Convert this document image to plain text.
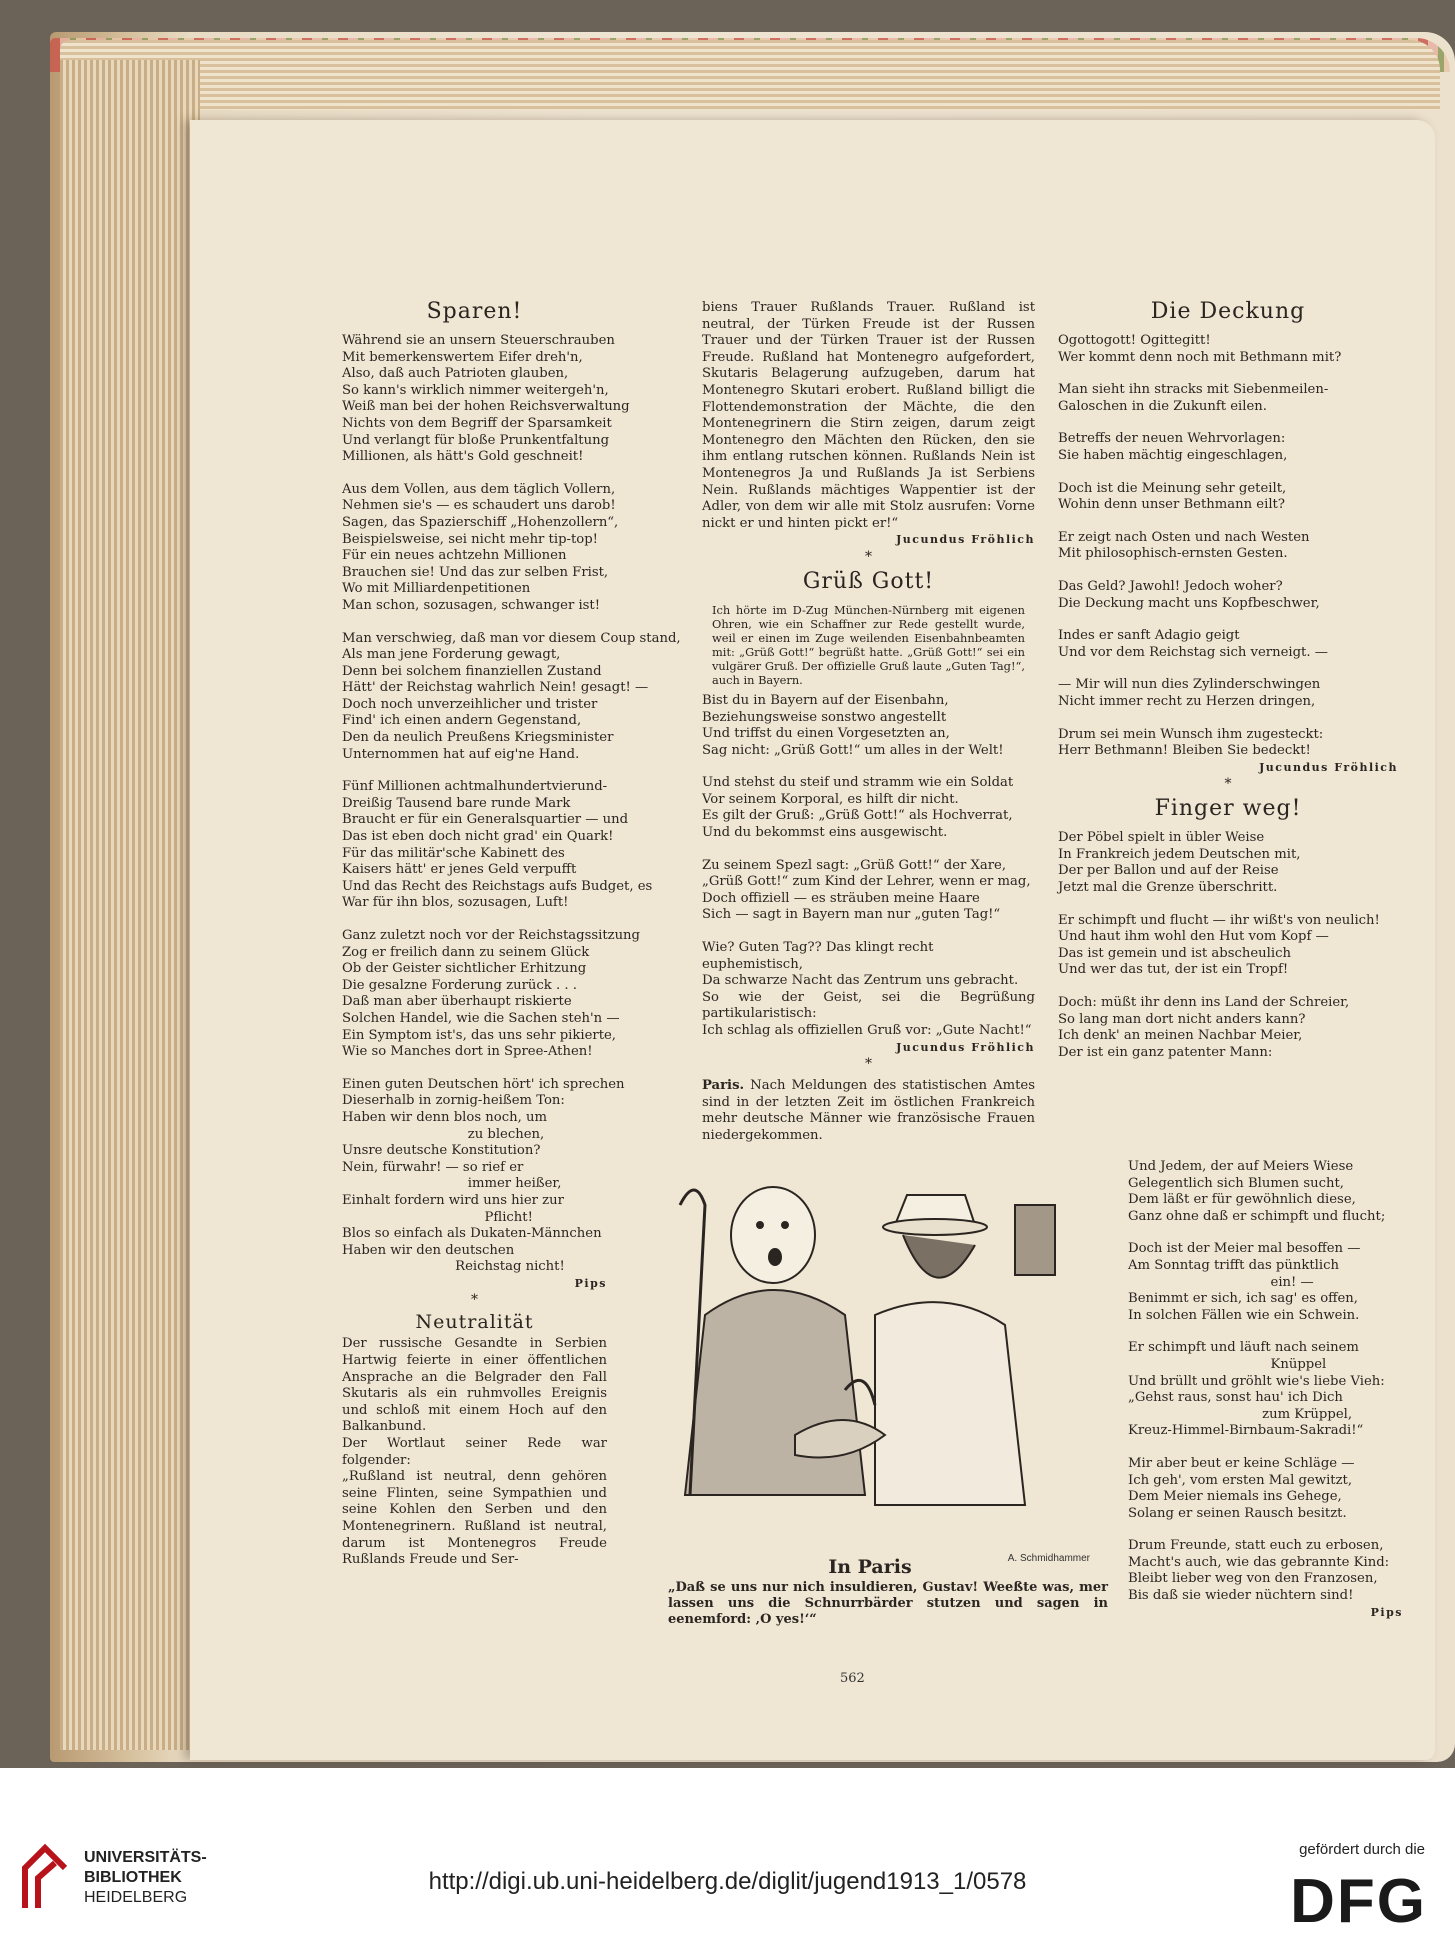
Sparen!

Während sie an unsern Steuerschrauben

Mit bemerkenswertem Eifer dreh'n,

Also, daß auch Patrioten glauben,

So kann's wirklich nimmer weitergeh'n,

Weiß man bei der hohen Reichsverwaltung

Nichts von dem Begriff der Sparsamkeit

Und verlangt für bloße Prunkentfaltung

Millionen, als hätt's Gold geschneit!

Aus dem Vollen, aus dem täglich Vollern,

Nehmen sie's — es schaudert uns darob!

Sagen, das Spazierschiff „Hohenzollern“,

Beispielsweise, sei nicht mehr tip-top!

Für ein neues achtzehn Millionen

Brauchen sie! Und das zur selben Frist,

Wo mit Milliardenpetitionen

Man schon, sozusagen, schwanger ist!

Man verschwieg, daß man vor diesem Coup stand,

Als man jene Forderung gewagt,

Denn bei solchem finanziellen Zustand

Hätt' der Reichstag wahrlich Nein! gesagt! —

Doch noch unverzeihlicher und trister

Find' ich einen andern Gegenstand,

Den da neulich Preußens Kriegsminister

Unternommen hat auf eig'ne Hand.

Fünf Millionen achtmalhundertvierund-

Dreißig Tausend bare runde Mark

Braucht er für ein Generalsquartier — und

Das ist eben doch nicht grad' ein Quark!

Für das militär'sche Kabinett des

Kaisers hätt' er jenes Geld verpufft

Und das Recht des Reichstags aufs Budget, es

War für ihn blos, sozusagen, Luft!

Ganz zuletzt noch vor der Reichstagssitzung

Zog er freilich dann zu seinem Glück

Ob der Geister sichtlicher Erhitzung

Die gesalzne Forderung zurück . . .

Daß man aber überhaupt riskierte

Solchen Handel, wie die Sachen steh'n —

Ein Symptom ist's, das uns sehr pikierte,

Wie so Manches dort in Spree-Athen!

Einen guten Deutschen hört' ich sprechen

Dieserhalb in zornig-heißem Ton:

Haben wir denn blos noch, um

zu blechen,

Unsre deutsche Konstitution?

Nein, fürwahr! — so rief er

immer heißer,

Einhalt fordern wird uns hier zur

Pflicht!

Blos so einfach als Dukaten-Männchen

Haben wir den deutschen

Reichstag nicht!

Pips
*
Neutralität

Der russische Gesandte in Serbien Hartwig feierte in einer öffentlichen Ansprache an die Belgrader den Fall Skutaris als ein ruhmvolles Ereignis und schloß mit einem Hoch auf den Balkanbund.

Der Wortlaut seiner Rede war folgender:

„Rußland ist neutral, denn gehören seine Flinten, seine Sympathien und seine Kohlen den Serben und den Montenegrinern. Rußland ist neutral, darum ist Montenegros Freude Rußlands Freude und Ser-

biens Trauer Rußlands Trauer. Rußland ist neutral, der Türken Freude ist der Russen Trauer und der Türken Trauer ist der Russen Freude. Rußland hat Montenegro aufgefordert, Skutaris Belagerung aufzugeben, darum hat Montenegro Skutari erobert. Rußland billigt die Flottendemonstration der Mächte, die den Montenegrinern die Stirn zeigen, darum zeigt Montenegro den Mächten den Rücken, den sie ihm entlang rutschen können. Rußlands Nein ist Montenegros Ja und Rußlands Ja ist Serbiens Nein. Rußlands mächtiges Wappentier ist der Adler, von dem wir alle mit Stolz ausrufen: Vorne nickt er und hinten pickt er!“

Jucundus Fröhlich
*
Grüß Gott!

Ich hörte im D-Zug München-Nürnberg mit eigenen Ohren, wie ein Schaffner zur Rede gestellt wurde, weil er einen im Zuge weilenden Eisenbahnbeamten mit: „Grüß Gott!“ begrüßt hatte. „Grüß Gott!“ sei ein vulgärer Gruß. Der offizielle Gruß laute „Guten Tag!“, auch in Bayern.

Bist du in Bayern auf der Eisenbahn,

Beziehungsweise sonstwo angestellt

Und triffst du einen Vorgesetzten an,

Sag nicht: „Grüß Gott!“ um alles in der Welt!

Und stehst du steif und stramm wie ein Soldat

Vor seinem Korporal, es hilft dir nicht.

Es gilt der Gruß: „Grüß Gott!“ als Hochverrat,

Und du bekommst eins ausgewischt.

Zu seinem Spezl sagt: „Grüß Gott!“ der Xare,

„Grüß Gott!“ zum Kind der Lehrer, wenn er mag,

Doch offiziell — es sträuben meine Haare

Sich — sagt in Bayern man nur „guten Tag!“

Wie? Guten Tag?? Das klingt recht

euphemistisch,

Da schwarze Nacht das Zentrum uns gebracht.

So wie der Geist, sei die Begrüßung partikularistisch:

Ich schlag als offiziellen Gruß vor: „Gute Nacht!“

Jucundus Fröhlich
*

Paris. Nach Meldungen des statistischen Amtes sind in der letzten Zeit im östlichen Frankreich mehr deutsche Männer wie französische Frauen niedergekommen.

A. Schmidhammer
In Paris

„Daß se uns nur nich insuldieren, Gustav! Weeßte was, mer lassen uns die Schnurrbärder stutzen und sagen in eenemford: ‚O yes!‘“

Die Deckung

Ogottogott! Ogittegitt!

Wer kommt denn noch mit Bethmann mit?

Man sieht ihn stracks mit Siebenmeilen-

Galoschen in die Zukunft eilen.

Betreffs der neuen Wehrvorlagen:

Sie haben mächtig eingeschlagen,

Doch ist die Meinung sehr geteilt,

Wohin denn unser Bethmann eilt?

Er zeigt nach Osten und nach Westen

Mit philosophisch-ernsten Gesten.

Das Geld? Jawohl! Jedoch woher?

Die Deckung macht uns Kopfbeschwer,

Indes er sanft Adagio geigt

Und vor dem Reichstag sich verneigt. —

— Mir will nun dies Zylinderschwingen

Nicht immer recht zu Herzen dringen,

Drum sei mein Wunsch ihm zugesteckt:

Herr Bethmann! Bleiben Sie bedeckt!

Jucundus Fröhlich
*
Finger weg!

Der Pöbel spielt in übler Weise

In Frankreich jedem Deutschen mit,

Der per Ballon und auf der Reise

Jetzt mal die Grenze überschritt.

Er schimpft und flucht — ihr wißt's von neulich!

Und haut ihm wohl den Hut vom Kopf —

Das ist gemein und ist abscheulich

Und wer das tut, der ist ein Tropf!

Doch: müßt ihr denn ins Land der Schreier,

So lang man dort nicht anders kann?

Ich denk' an meinen Nachbar Meier,

Der ist ein ganz patenter Mann:

Und Jedem, der auf Meiers Wiese

Gelegentlich sich Blumen sucht,

Dem läßt er für gewöhnlich diese,

Ganz ohne daß er schimpft und flucht;

Doch ist der Meier mal besoffen —

Am Sonntag trifft das pünktlich

ein! —

Benimmt er sich, ich sag' es offen,

In solchen Fällen wie ein Schwein.

Er schimpft und läuft nach seinem

Knüppel

Und brüllt und gröhlt wie's liebe Vieh:

„Gehst raus, sonst hau' ich Dich

zum Krüppel,

Kreuz-Himmel-Birnbaum-Sakradi!“

Mir aber beut er keine Schläge —

Ich geh', vom ersten Mal gewitzt,

Dem Meier niemals ins Gehege,

Solang er seinen Rausch besitzt.

Drum Freunde, statt euch zu erbosen,

Macht's auch, wie das gebrannte Kind:

Bleibt lieber weg von den Franzosen,

Bis daß sie wieder nüchtern sind!

Pips
562
UNIVERSITÄTS-
BIBLIOTHEK
HEIDELBERG
http://digi.ub.uni-heidelberg.de/diglit/jugend1913_1/0578
gefördert durch die
DFG
